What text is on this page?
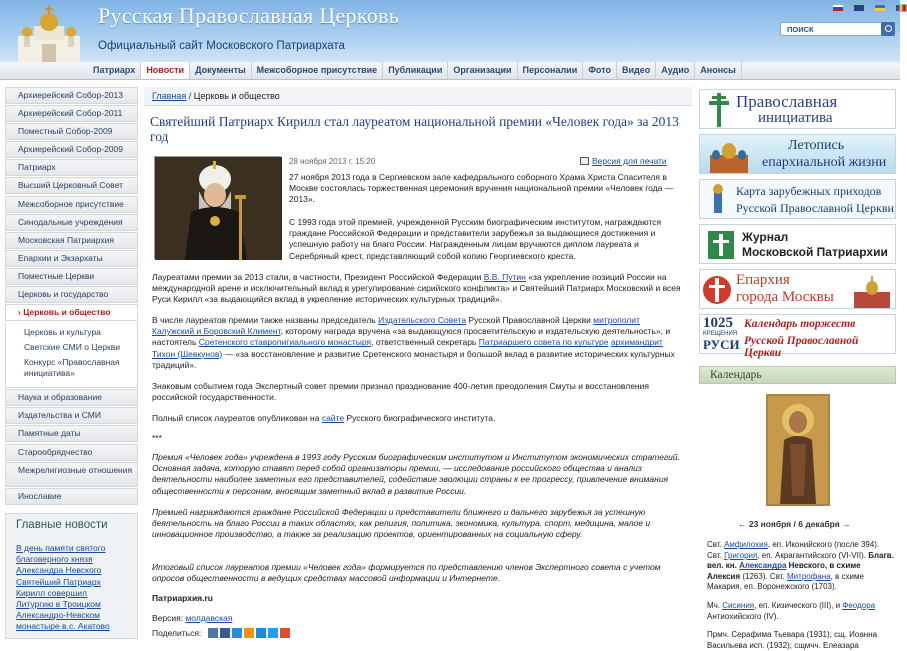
Русская Православная Церковь
Официальный сайт Московского Патриархата
ПОИСК
Патриарх	Новости	Документы	Межсоборное присутствие	Публикации	Организации	Персоналии	Фото	Видео	Аудио	Анонсы
Архиерейский Собор-2013
Архиерейский Собор-2011
Поместный Собор-2009
Архиерейский Собор-2009
Патриарх
Высший Церковный Совет
Межсоборное присутствие
Синодальные учреждения
Московская Патриархия
Епархии и Экзархаты
Поместные Церкви
Церковь и государство
› Церковь и общество
Церковь и культура
Светские СМИ о Церкви
Конкурс «Православная инициатива»
Наука и образование
Издательства и СМИ
Памятные даты
Старообрядчество
Межрелигиозные отношения
Инославие
Главные новости
В день памяти святого
благоверного князя
Александра Невского
Святейший Патриарх
Кирилл совершил
Литургию в Троицком
Александро-Невском
монастыре в.с. Акатово
Главная / Церковь и общество
Святейший Патриарх Кирилл стал лауреатом национальной премии «Человек года» за 2013 год
28 ноября 2013 г. 15:20	Версия для печати
27 ноября 2013 года в Сергиевском зале кафедрального соборного Храма Христа Спасителя в Москве состоялась торжественная церемония вручения национальной премии «Человек года — 2013».
С 1993 года этой премией, учрежденной Русским биографическим институтом, награждаются граждане Российской Федерации и представители зарубежья за выдающиеся достижения и успешную работу на благо России. Награжденным лицам вручаются диплом лауреата и Серебряный крест, представляющий собой копию Георгиевского креста.
Лауреатами премии за 2013 стали, в частности, Президент Российской Федерации В.В. Путин «за укрепление позиций России на международной арене и исключительный вклад в урегулирование сирийского конфликта» и Святейший Патриарх Московский и всея Руси Кирилл «за выдающийся вклад в укрепление исторических культурных традиций».
В числе лауреатов премии также названы председатель Издательского Совета Русской Православной Церкви митрополит Калужский и Боровский Климент, которому награда вручена «за выдающуюся просветительскую и издательскую деятельность», и настоятель Сретенского ставропигиального монастыря, ответственный секретарь Патриаршего совета по культуре архимандрит Тихон (Шевкунов) — «за восстановление и развитие Сретенского монастыря и большой вклад в развитие исторических культурных традиций».
Знаковым событием года Экспертный совет премии признал празднование 400-летия преодоления Смуты и восстановления российской государственности.
Полный список лауреатов опубликован на сайте Русского биографического института.
***
Премия «Человек года» учреждена в 1993 году Русским биографическим институтом и Институтом экономических стратегий. Основная задача, которую ставят перед собой организаторы премии, — исследование российского общества и анализ деятельности наиболее заметных его представителей, содействие эволюции страны к ее прогрессу, привлечение внимания общественности к персонам, вносящим заметный вклад в развитие России.
Премией награждаются граждане Российской Федерации и представители ближнего и дальнего зарубежья за успешную деятельность на благо России в таких областях, как религия, политика, экономика, культура, спорт, медицина, малое и инновационное производство, а также за реализацию проектов, ориентированных на социальную сферу.
Итоговый список лауреатов премии «Человек года» формируется по представлению членов Экспертного совета с учетом опросов общественности в ведущих средствах массовой информации и Интернете.
Патриархия.ru
Версия: молдавская
Поделиться:
Православная
инициатива
Летопись
епархиальной жизни
Карта зарубежных приходов
Русской Православной Церкви
Журнал
Московской Патриархии
Епархия
города Москвы
1025
КРЕЩЕНИЯ
РУСИ
Календарь торжеств
Русской Православной Церкви
Календарь
← 23 ноября / 6 декабря →
Свт. Амфилохия, еп. Иконийского (после 394). Свт. Григория, еп. Акрагантийского (VI-VII). Благв. вел. кн. Александра Невского, в схиме Алексия (1263). Свт. Митрофана, в схиме Макария, еп. Воронежского (1703).
Мч. Сисиния, еп. Кизического (III), и Феодора Антиохийского (IV).
Прмч. Серафима Тьевара (1931); сщ. Иоанна Васильева исп. (1932); сщмчч. Елеазара
